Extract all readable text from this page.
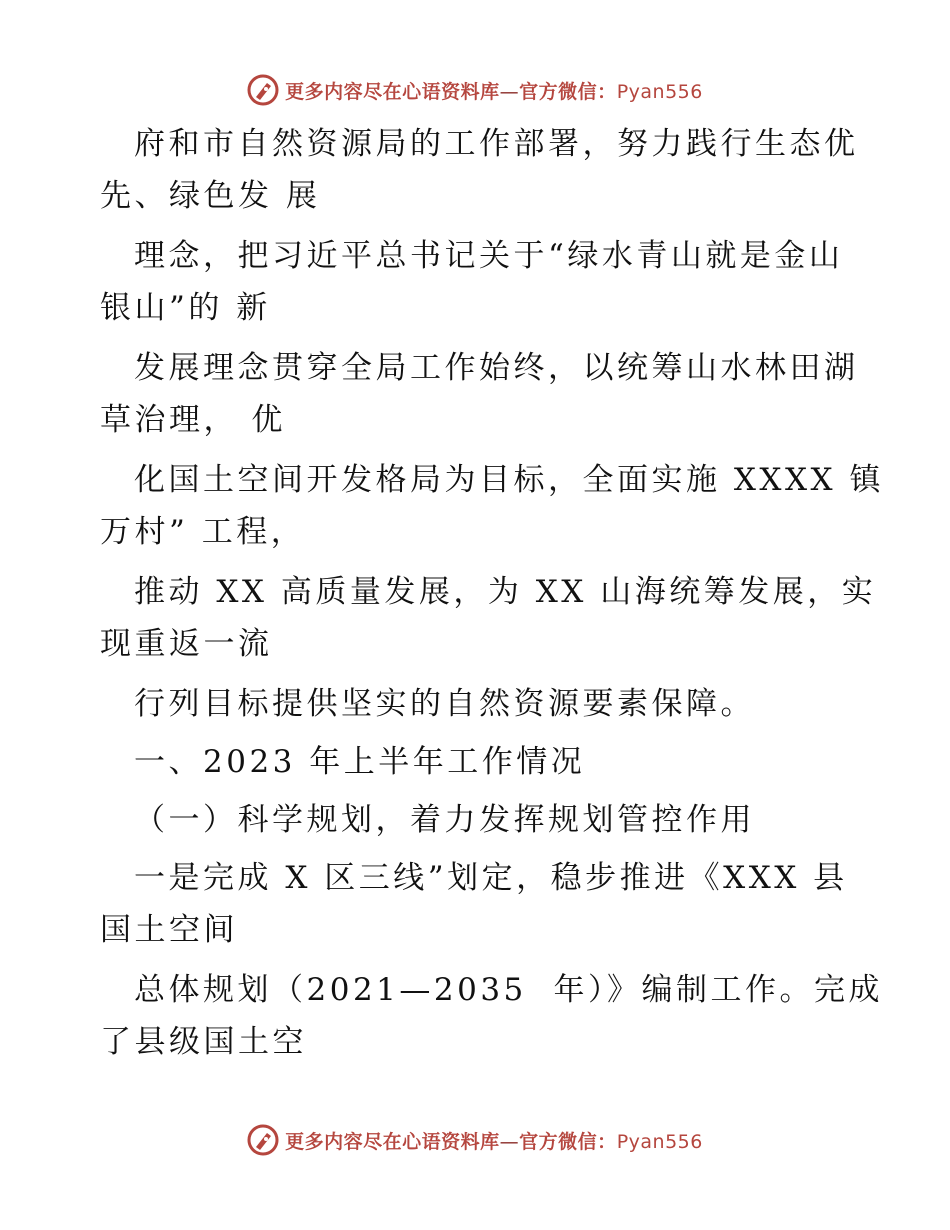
更多内容尽在心语资料库—官方微信：Pyan556
府和市自然资源局的工作部署，努力践行生态优
先、绿色发 展
理念，把习近平总书记关于“绿水青山就是金山
银山”的 新
发展理念贯穿全局工作始终，以统筹山水林田湖
草治理， 优
化国土空间开发格局为目标，全面实施 XXXX 镇
万村” 工程，
推动 XX 高质量发展，为 XX 山海统筹发展，实
现重返一流
行列目标提供坚实的自然资源要素保障。
一、2023 年上半年工作情况
（一）科学规划，着力发挥规划管控作用
一是完成 X 区三线”划定，稳步推进《XXX 县
国土空间
总体规划（2021—2035  年）》编制工作。完成
了县级国土空
更多内容尽在心语资料库—官方微信：Pyan556
